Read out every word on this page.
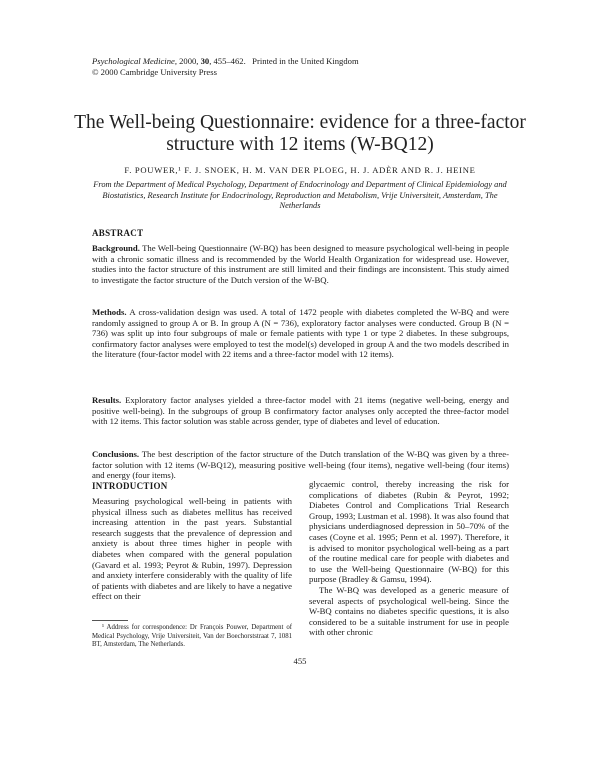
Psychological Medicine, 2000, 30, 455–462. Printed in the United Kingdom
© 2000 Cambridge University Press
The Well-being Questionnaire: evidence for a three-factor structure with 12 items (W-BQ12)
F. POUWER,¹ F. J. SNOEK, H. M. VAN DER PLOEG, H. J. ADÈR AND R. J. HEINE
From the Department of Medical Psychology, Department of Endocrinology and Department of Clinical Epidemiology and Biostatistics, Research Institute for Endocrinology, Reproduction and Metabolism, Vrije Universiteit, Amsterdam, The Netherlands
ABSTRACT
Background. The Well-being Questionnaire (W-BQ) has been designed to measure psychological well-being in people with a chronic somatic illness and is recommended by the World Health Organization for widespread use. However, studies into the factor structure of this instrument are still limited and their findings are inconsistent. This study aimed to investigate the factor structure of the Dutch version of the W-BQ.
Methods. A cross-validation design was used. A total of 1472 people with diabetes completed the W-BQ and were randomly assigned to group A or B. In group A (N = 736), exploratory factor analyses were conducted. Group B (N = 736) was split up into four subgroups of male or female patients with type 1 or type 2 diabetes. In these subgroups, confirmatory factor analyses were employed to test the model(s) developed in group A and the two models described in the literature (four-factor model with 22 items and a three-factor model with 12 items).
Results. Exploratory factor analyses yielded a three-factor model with 21 items (negative well-being, energy and positive well-being). In the subgroups of group B confirmatory factor analyses only accepted the three-factor model with 12 items. This factor solution was stable across gender, type of diabetes and level of education.
Conclusions. The best description of the factor structure of the Dutch translation of the W-BQ was given by a three-factor solution with 12 items (W-BQ12), measuring positive well-being (four items), negative well-being (four items) and energy (four items).
INTRODUCTION

Measuring psychological well-being in patients with physical illness such as diabetes mellitus has received increasing attention in the past years. Substantial research suggests that the prevalence of depression and anxiety is about three times higher in people with diabetes when compared with the general population (Gavard et al. 1993; Peyrot & Rubin, 1997). Depression and anxiety interfere considerably with the quality of life of patients with diabetes and are likely to have a negative effect on their

glycaemic control, thereby increasing the risk for complications of diabetes (Rubin & Peyrot, 1992; Diabetes Control and Complications Trial Research Group, 1993; Lustman et al. 1998). It was also found that physicians underdiagnosed depression in 50–70% of the cases (Coyne et al. 1995; Penn et al. 1997). Therefore, it is advised to monitor psychological well-being as a part of the routine medical care for people with diabetes and to use the Well-being Questionnaire (W-BQ) for this purpose (Bradley & Gamsu, 1994).

The W-BQ was developed as a generic measure of several aspects of psychological well-being. Since the W-BQ contains no diabetes specific questions, it is also considered to be a suitable instrument for use in people with other chronic

¹ Address for correspondence: Dr François Pouwer, Department of Medical Psychology, Vrije Universiteit, Van der Boechorststraat 7, 1081 BT, Amsterdam, The Netherlands.
455
